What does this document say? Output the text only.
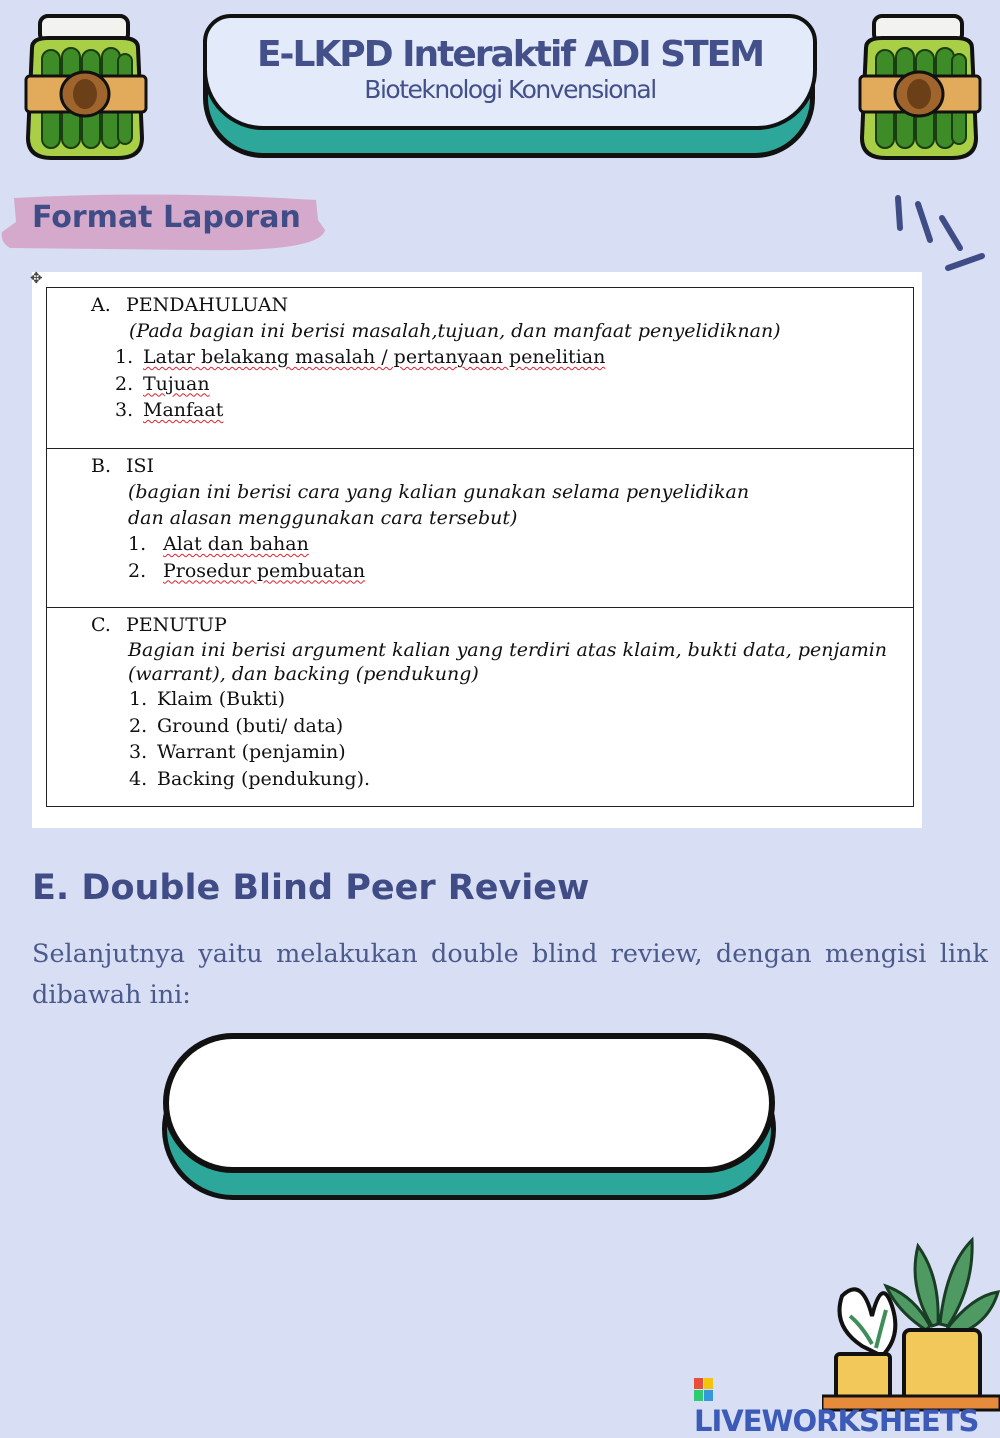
E-LKPD Interaktif ADI STEM
Bioteknologi Konvensional
Format Laporan
✥
A. PENDAHULUAN
(Pada bagian ini berisi masalah,tujuan, dan manfaat penyelidiknan)
1. Latar belakang masalah / pertanyaan penelitian
2. Tujuan
3. Manfaat
B. ISI
(bagian ini berisi cara yang kalian gunakan selama penyelidikan dan alasan menggunakan cara tersebut)
1. Alat dan bahan
2. Prosedur pembuatan
C. PENUTUP
Bagian ini berisi argument kalian yang terdiri atas klaim, bukti data, penjamin (warrant), dan backing (pendukung)
1. Klaim (Bukti)
2. Ground (buti/ data)
3. Warrant (penjamin)
4. Backing (pendukung).
E. Double Blind Peer Review
Selanjutnya yaitu melakukan double blind review, dengan mengisi link dibawah ini:
LIVEWORKSHEETS
